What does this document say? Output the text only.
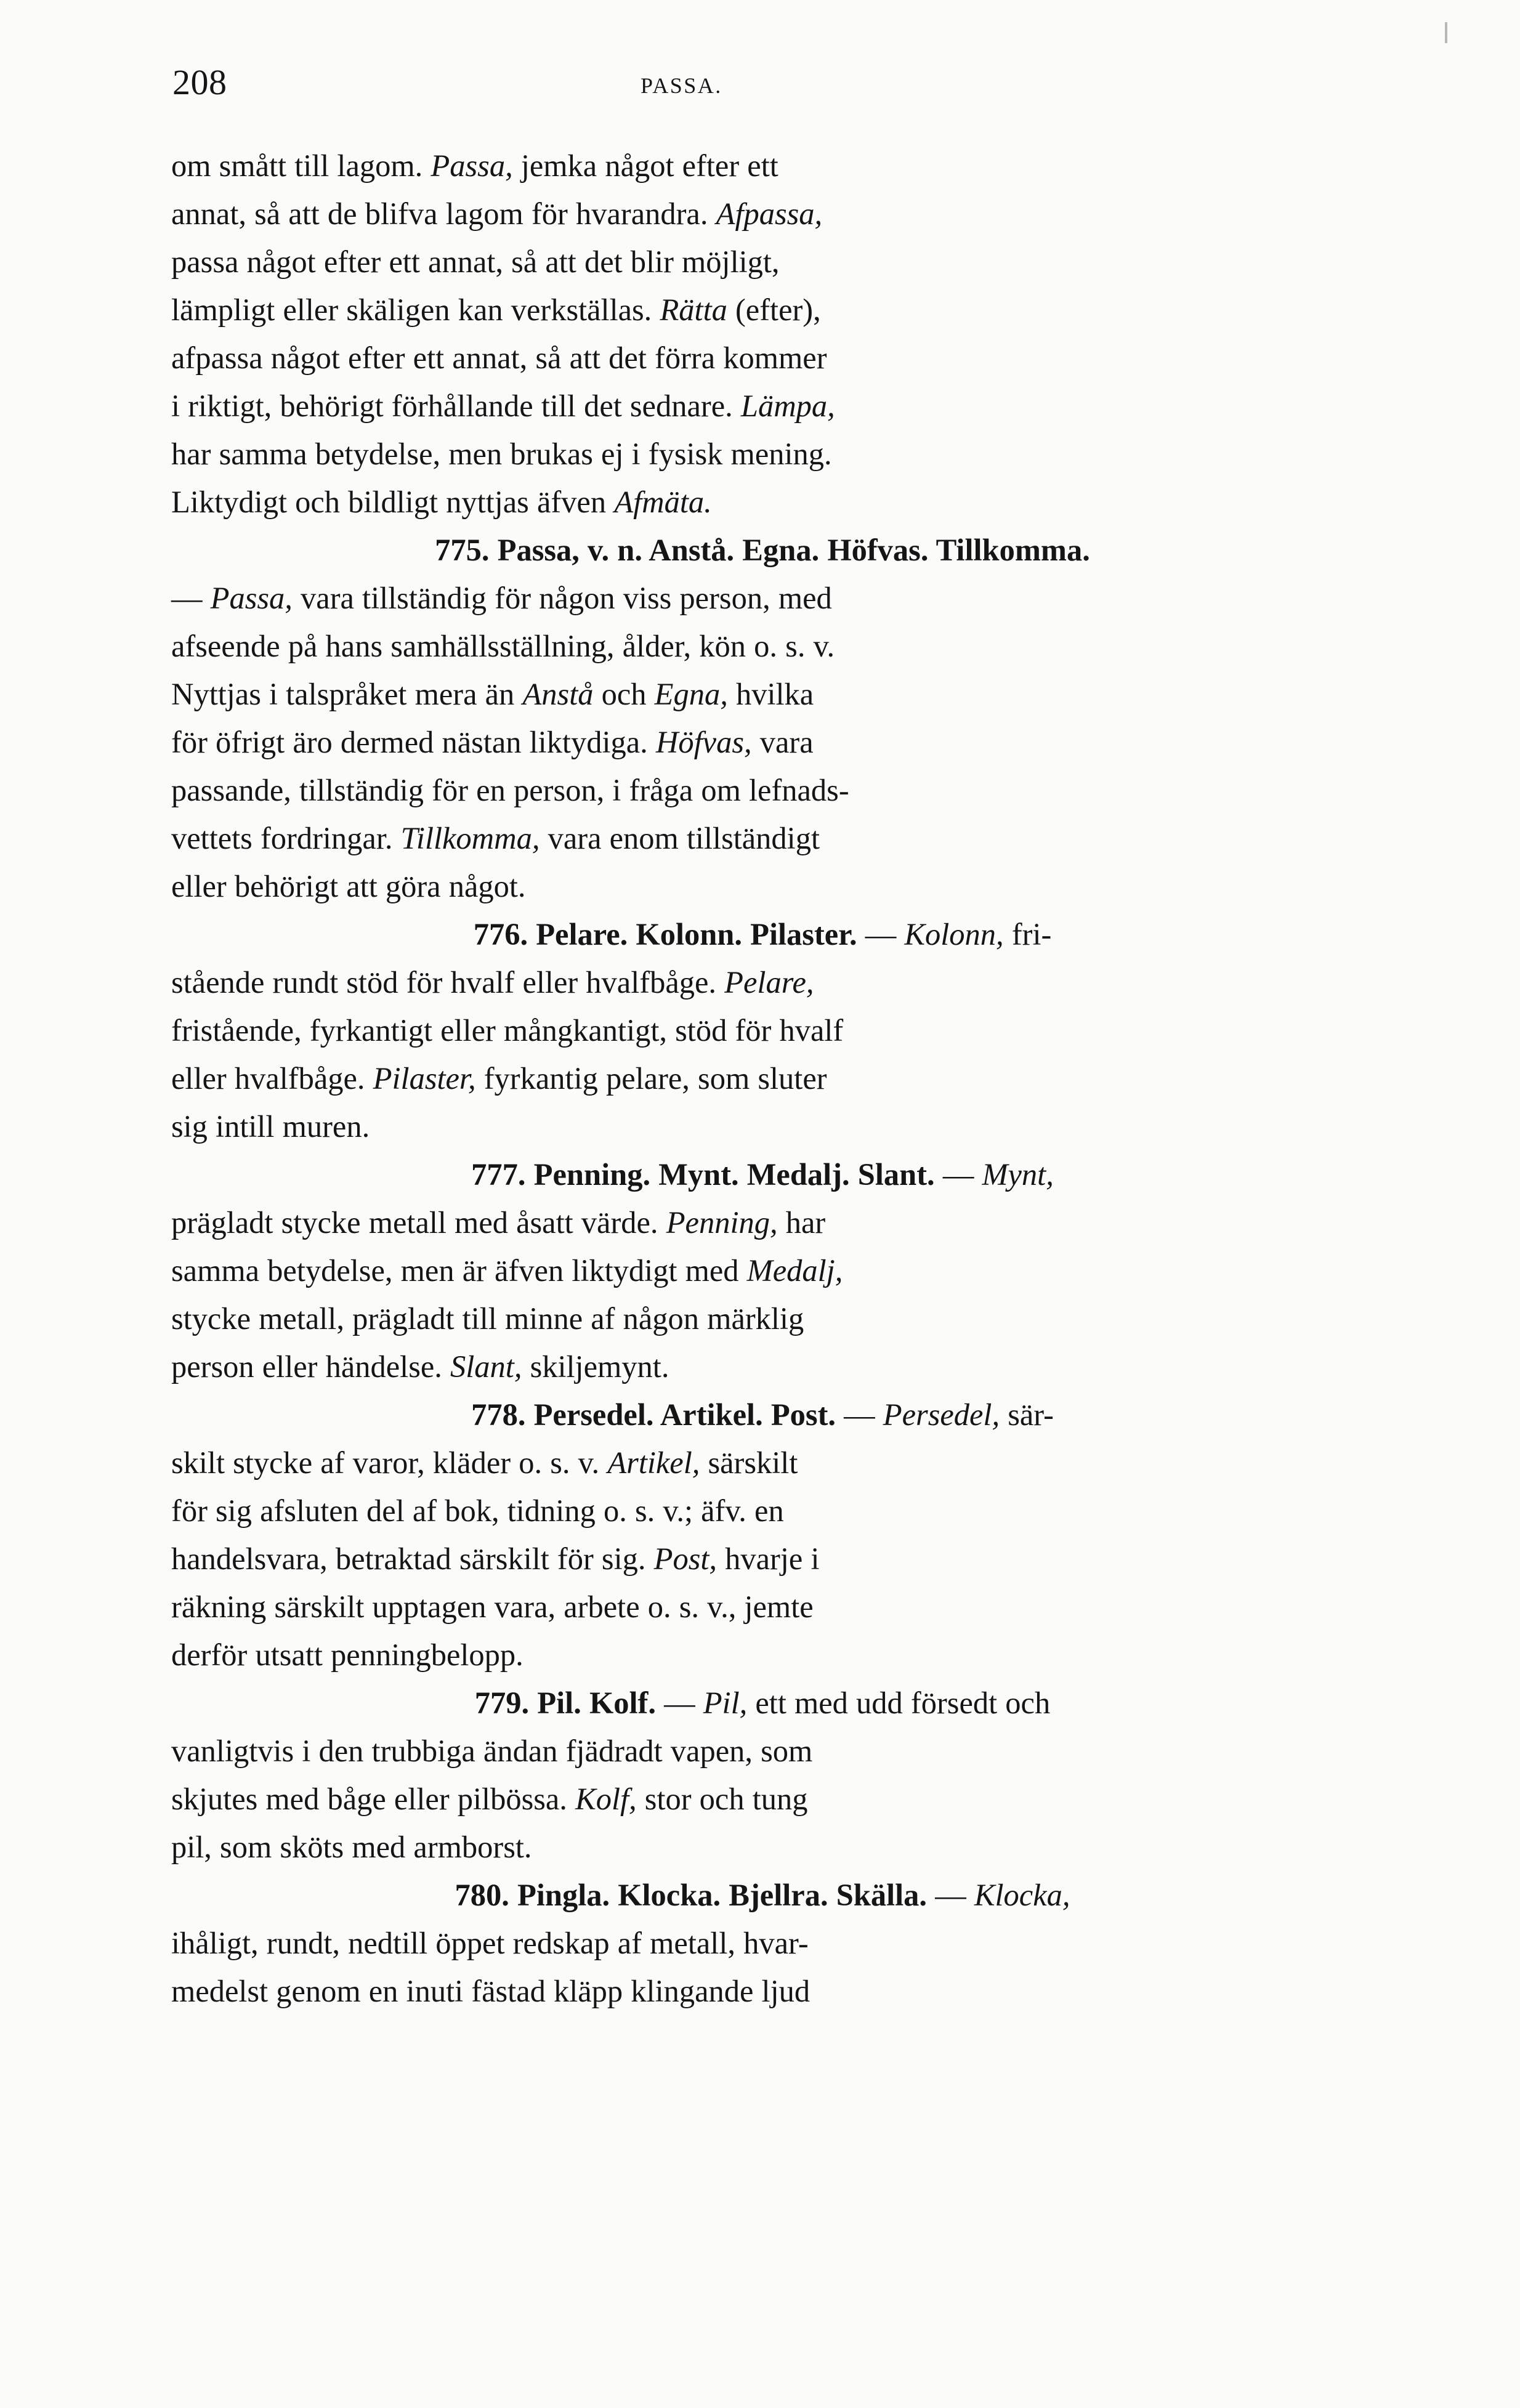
208	PASSA.

om smått till lagom. Passa, jemka något efter ett
annat, så att de blifva lagom för hvarandra. Afpassa,
passa något efter ett annat, så att det blir möjligt,
lämpligt eller skäligen kan verkställas. Rätta (efter),
afpassa något efter ett annat, så att det förra kommer
i riktigt, behörigt förhållande till det sednare. Lämpa,
har samma betydelse, men brukas ej i fysisk mening.
Liktydigt och bildligt nyttjas äfven Afmäta.
775. Passa, v. n. Anstå. Egna. Höfvas. Tillkomma.
— Passa, vara tillständig för någon viss person, med
afseende på hans samhällsställning, ålder, kön o. s. v.
Nyttjas i talspråket mera än Anstå och Egna, hvilka
för öfrigt äro dermed nästan liktydiga. Höfvas, vara
passande, tillständig för en person, i fråga om lefnads-
vettets fordringar. Tillkomma, vara enom tillständigt
eller behörigt att göra något.
776. Pelare. Kolonn. Pilaster. — Kolonn, fri-
stående rundt stöd för hvalf eller hvalfbåge. Pelare,
fristående, fyrkantigt eller mångkantigt, stöd för hvalf
eller hvalfbåge. Pilaster, fyrkantig pelare, som sluter
sig intill muren.
777. Penning. Mynt. Medalj. Slant. — Mynt,
prägladt stycke metall med åsatt värde. Penning, har
samma betydelse, men är äfven liktydigt med Medalj,
stycke metall, prägladt till minne af någon märklig
person eller händelse. Slant, skiljemynt.
778. Persedel. Artikel. Post. — Persedel, sär-
skilt stycke af varor, kläder o. s. v. Artikel, särskilt
för sig afsluten del af bok, tidning o. s. v.; äfv. en
handelsvara, betraktad särskilt för sig. Post, hvarje i
räkning särskilt upptagen vara, arbete o. s. v., jemte
derför utsatt penningbelopp.
779. Pil. Kolf. — Pil, ett med udd försedt och
vanligtvis i den trubbiga ändan fjädradt vapen, som
skjutes med båge eller pilbössa. Kolf, stor och tung
pil, som sköts med armborst.
780. Pingla. Klocka. Bjellra. Skälla. — Klocka,
ihåligt, rundt, nedtill öppet redskap af metall, hvar-
medelst genom en inuti fästad kläpp klingande ljud
